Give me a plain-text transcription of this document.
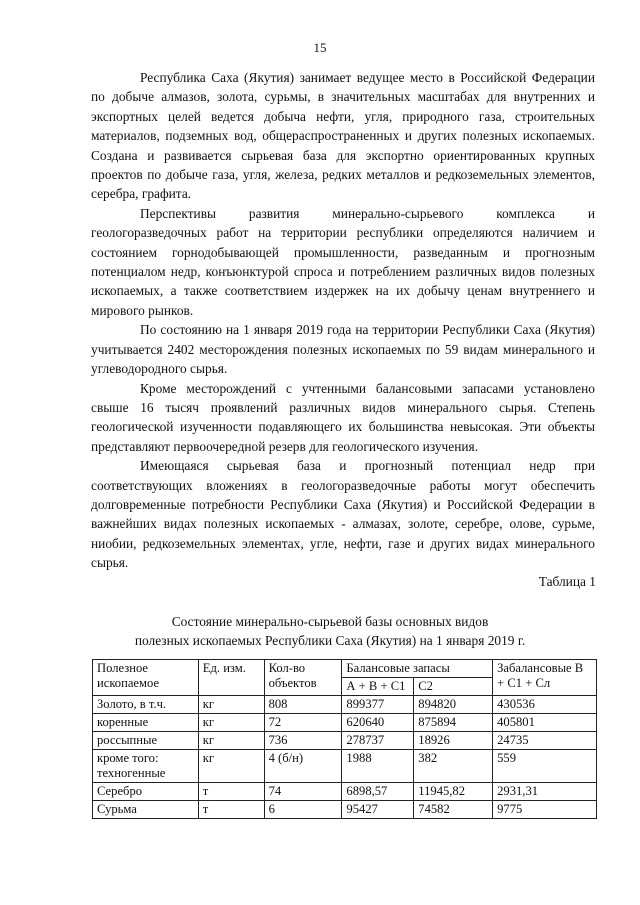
15

Республика Саха (Якутия) занимает ведущее место в Российской Федерации по добыче алмазов, золота, сурьмы, в значительных масштабах для внутренних и экспортных целей ведется добыча нефти, угля, природного газа, строительных материалов, подземных вод, общераспространенных и других полезных ископаемых. Создана и развивается сырьевая база для экспортно ориентированных крупных проектов по добыче газа, угля, железа, редких металлов и редкоземельных элементов, серебра, графита.

Перспективы развития минерально-сырьевого комплекса и геологоразведочных работ на территории республики определяются наличием и состоянием горнодобывающей промышленности, разведанным и прогнозным потенциалом недр, конъюнктурой спроса и потреблением различных видов полезных ископаемых, а также соответствием издержек на их добычу ценам внутреннего и мирового рынков.

По состоянию на 1 января 2019 года на территории Республики Саха (Якутия) учитывается 2402 месторождения полезных ископаемых по 59 видам минерального и углеводородного сырья.

Кроме месторождений с учтенными балансовыми запасами установлено свыше 16 тысяч проявлений различных видов минерального сырья. Степень геологической изученности подавляющего их большинства невысокая. Эти объекты представляют первоочередной резерв для геологического изучения.

Имеющаяся сырьевая база и прогнозный потенциал недр при соответствующих вложениях в геологоразведочные работы могут обеспечить долговременные потребности Республики Саха (Якутия) и Российской Федерации в важнейших видах полезных ископаемых - алмазах, золоте, серебре, олове, сурьме, ниобии, редкоземельных элементах, угле, нефти, газе и других видах минерального сырья.

Таблица 1
Состояние минерально-сырьевой базы основных видов
полезных ископаемых Республики Саха (Якутия) на 1 января 2019 г.
Полезное ископаемое	Ед. изм.	Кол-во объектов	Балансовые запасы		Забалансовые В + С1 + Сл
			А + В + С1	С2	
Золото, в т.ч.	кг	808	899377	894820	430536
коренные	кг	72	620640	875894	405801
россыпные	кг	736	278737	18926	24735
кроме того: техногенные	кг	4 (б/н)	1988	382	559
Серебро	т	74	6898,57	11945,82	2931,31
Сурьма	т	6	95427	74582	9775
